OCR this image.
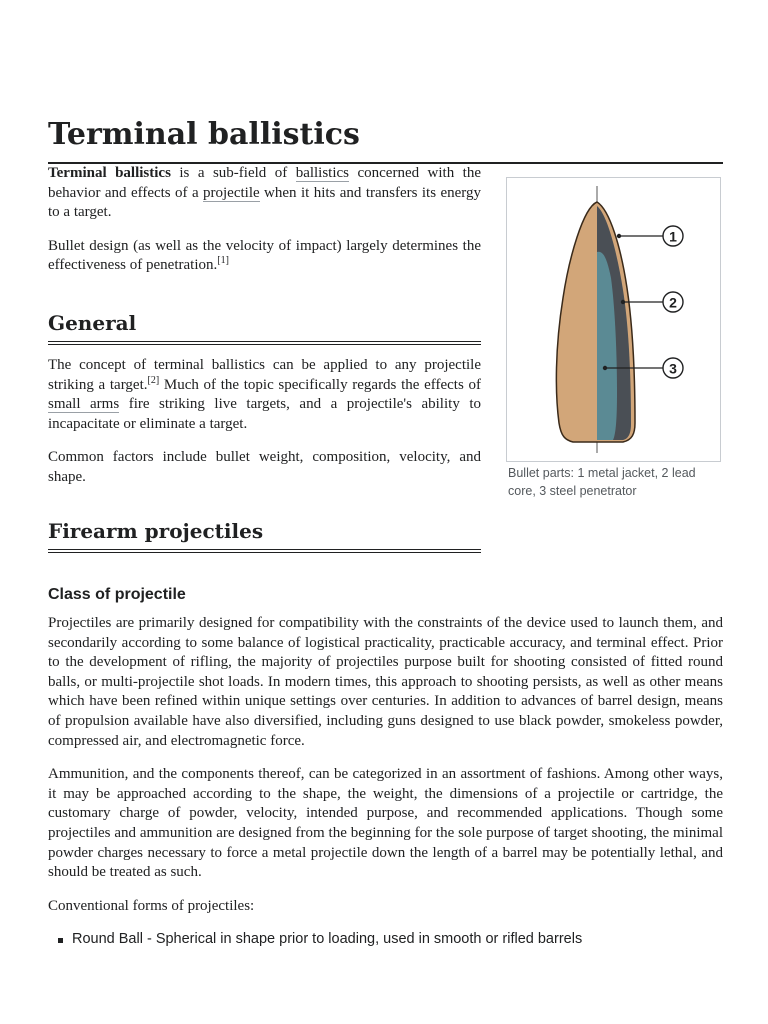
Terminal ballistics

Terminal ballistics is a sub-field of ballistics concerned with the behavior and effects of a projectile when it hits and transfers its energy to a target.

Bullet design (as well as the velocity of impact) largely determines the effectiveness of penetration.[1]

General

The concept of terminal ballistics can be applied to any projectile striking a target.[2] Much of the topic specifically regards the effects of small arms fire striking live targets, and a projectile's ability to incapacitate or eliminate a target.

Common factors include bullet weight, composition, velocity, and shape.

Firearm projectiles
Class of projectile

Projectiles are primarily designed for compatibility with the constraints of the device used to launch them, and secondarily according to some balance of logistical practicality, practicable accuracy, and terminal effect. Prior to the development of rifling, the majority of projectiles purpose built for shooting consisted of fitted round balls, or multi-projectile shot loads. In modern times, this approach to shooting persists, as well as other means which have been refined within unique settings over centuries. In addition to advances of barrel design, means of propulsion available have also diversified, including guns designed to use black powder, smokeless powder, compressed air, and electromagnetic force.

Ammunition, and the components thereof, can be categorized in an assortment of fashions. Among other ways, it may be approached according to the shape, the weight, the dimensions of a projectile or cartridge, the customary charge of powder, velocity, intended purpose, and recommended applications. Though some projectiles and ammunition are designed from the beginning for the sole purpose of target shooting, the minimal powder charges necessary to force a metal projectile down the length of a barrel may be potentially lethal, and should be treated as such.

Conventional forms of projectiles:

Round Ball - Spherical in shape prior to loading, used in smooth or rifled barrels
1
2
3
Bullet parts: 1 metal jacket, 2 lead core, 3 steel penetrator
